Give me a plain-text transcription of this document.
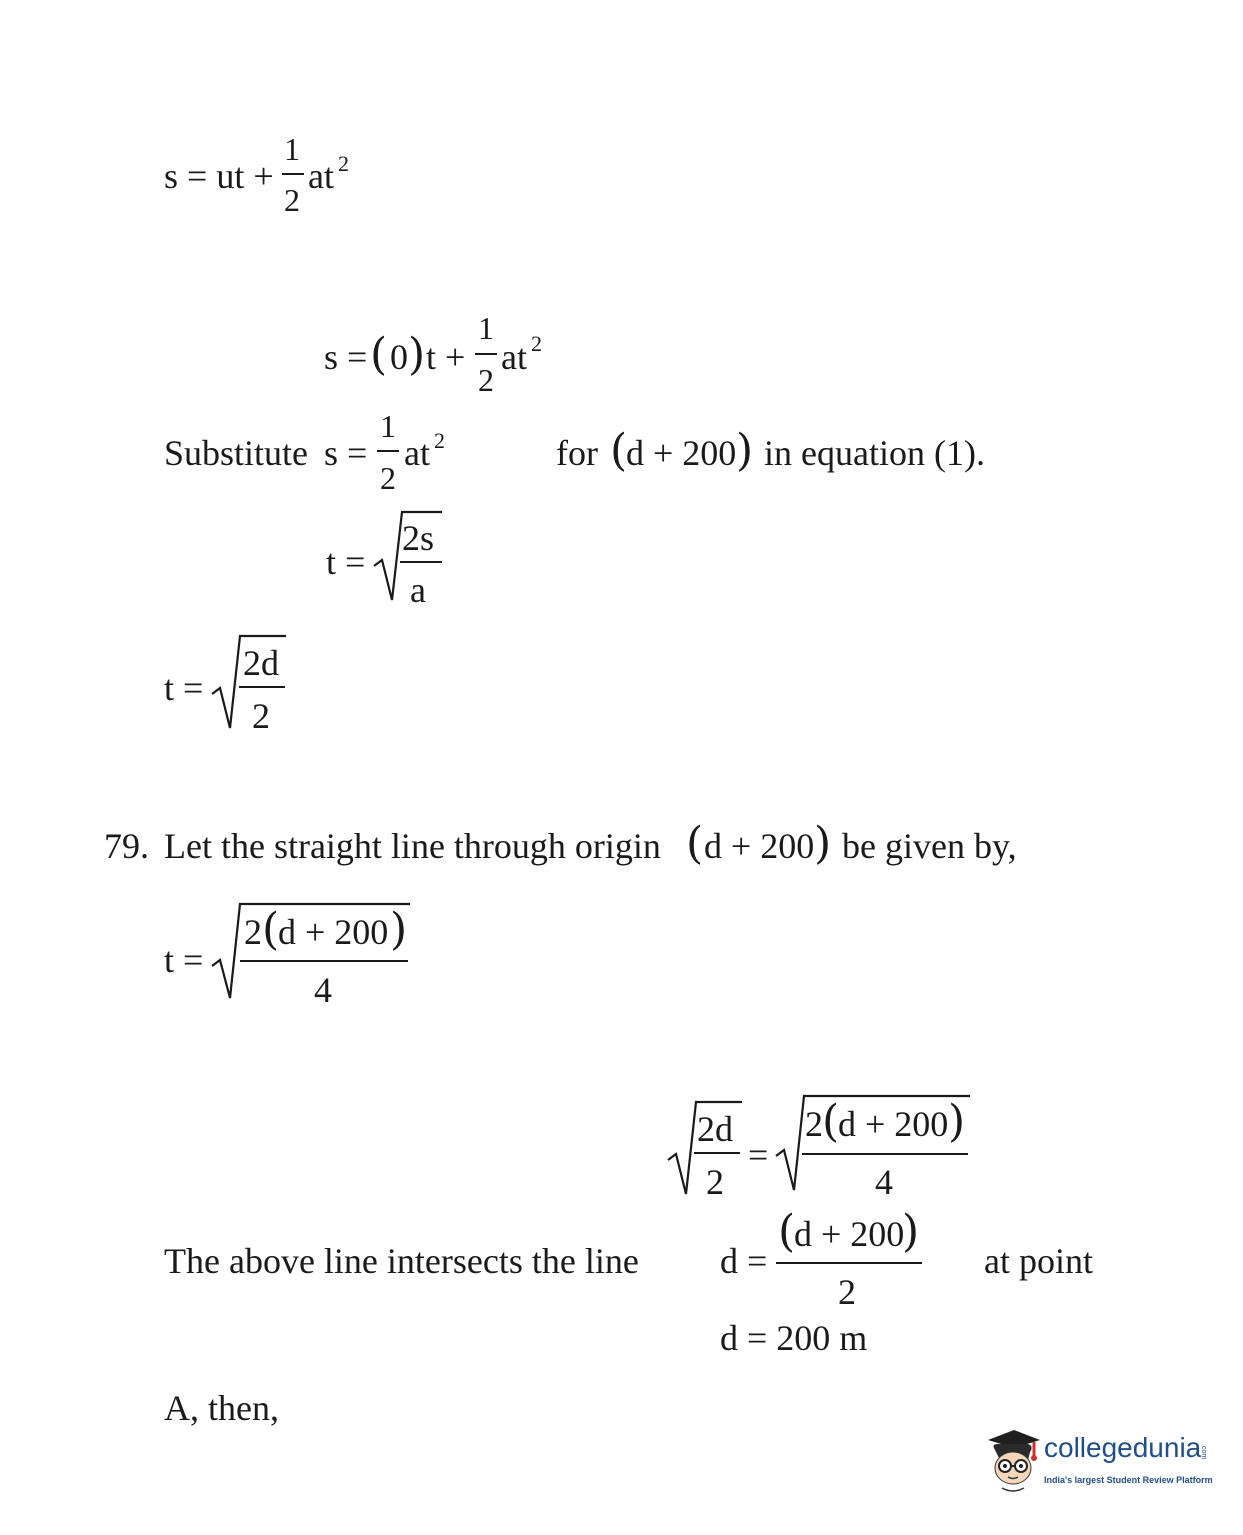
s = ut +
1
2
at 2
s = ( 0 ) t +
1
2
at 2
Substitute s =
1
2
at 2	for (
d + 200 ) in equation (1).
t =
2s
a
t =
2d
2
79. Let the straight line through origin ( d + 200 ) be given by,
t =
2 (
d + 200 )
4
2d
2
=
2 (
d + 200 )
4
The above line intersects the line d =
(
d + 200
)
2
at point
d = 200 m
A, then,
collegedunia
.com
India's largest Student Review Platform
